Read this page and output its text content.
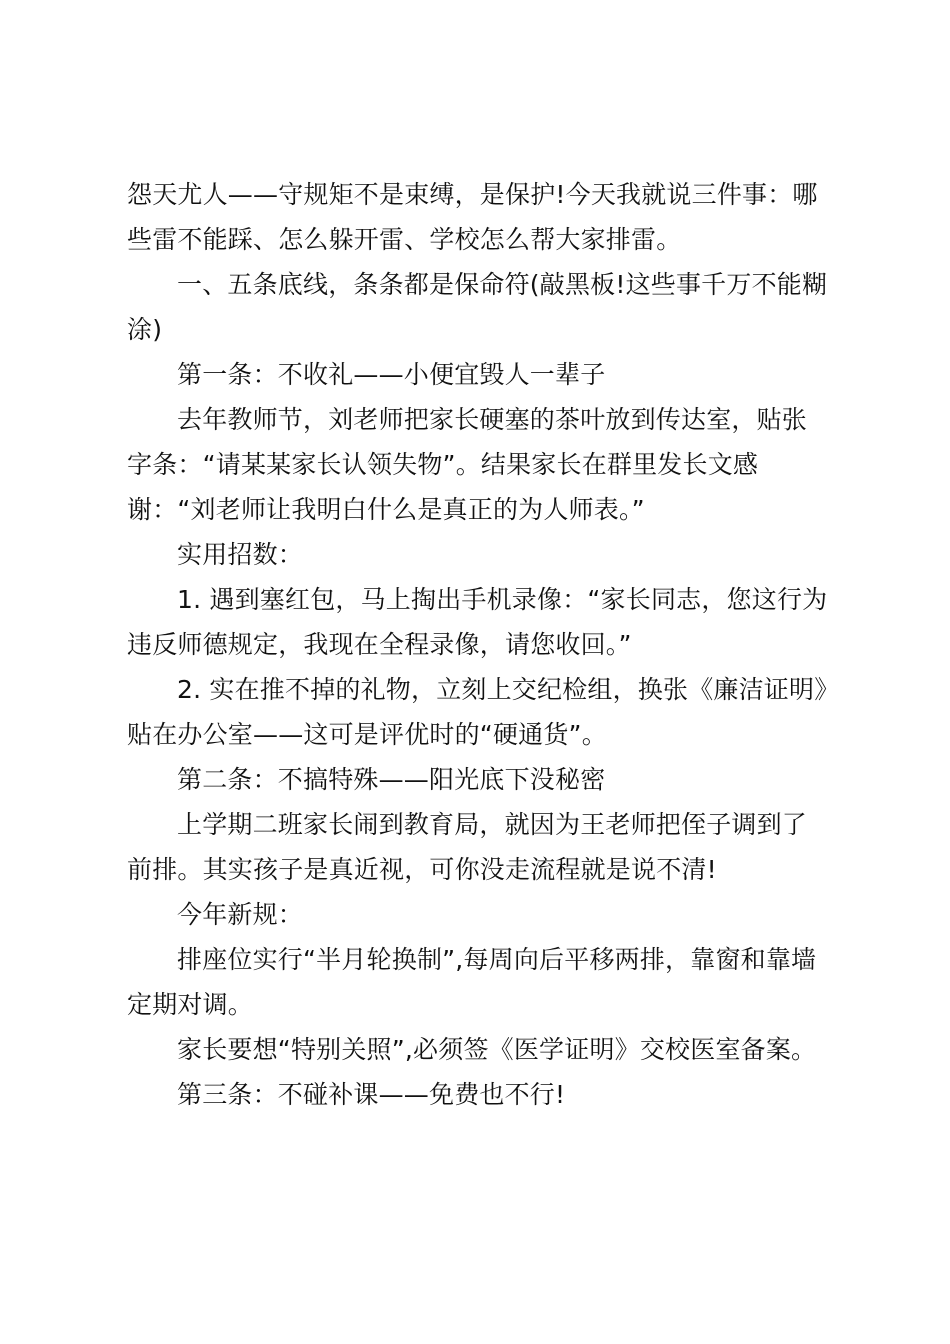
怨天尤人——守规矩不是束缚，是保护!今天我就说三件事：哪
些雷不能踩、怎么躲开雷、学校怎么帮大家排雷。
一、五条底线，条条都是保命符(敲黑板!这些事千万不能糊
涂)
第一条：不收礼——小便宜毁人一辈子
去年教师节，刘老师把家长硬塞的茶叶放到传达室，贴张
字条：“请某某家长认领失物”。结果家长在群里发长文感
谢：“刘老师让我明白什么是真正的为人师表。”
实用招数：
1. 遇到塞红包，马上掏出手机录像：“家长同志，您这行为
违反师德规定，我现在全程录像，请您收回。”
2. 实在推不掉的礼物，立刻上交纪检组，换张《廉洁证明》
贴在办公室——这可是评优时的“硬通货”。
第二条：不搞特殊——阳光底下没秘密
上学期二班家长闹到教育局，就因为王老师把侄子调到了
前排。其实孩子是真近视，可你没走流程就是说不清!
今年新规：
排座位实行“半月轮换制”,每周向后平移两排，靠窗和靠墙
定期对调。
家长要想“特别关照”,必须签《医学证明》交校医室备案。
第三条：不碰补课——免费也不行!
